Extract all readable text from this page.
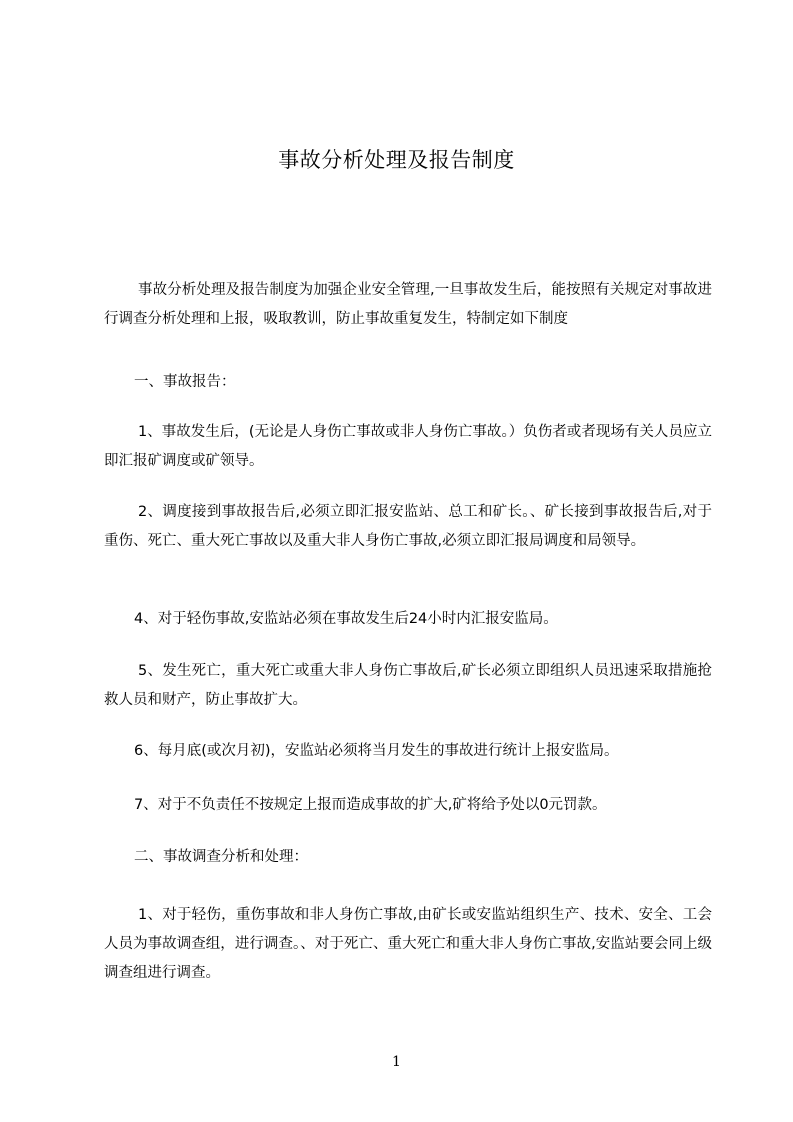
事故分析处理及报告制度

事故分析处理及报告制度为加强企业安全管理,一旦事故发生后，能按照有关规定对事故进行调查分析处理和上报，吸取教训，防止事故重复发生，特制定如下制度

一、事故报告：

1、事故发生后，(无论是人身伤亡事故或非人身伤亡事故。）负伤者或者现场有关人员应立即汇报矿调度或矿领导。

2、调度接到事故报告后,必须立即汇报安监站、总工和矿长。、矿长接到事故报告后,对于重伤、死亡、重大死亡事故以及重大非人身伤亡事故,必须立即汇报局调度和局领导。

4、对于轻伤事故,安监站必须在事故发生后24小时内汇报安监局。

5、发生死亡，重大死亡或重大非人身伤亡事故后,矿长必须立即组织人员迅速采取措施抢救人员和财产，防止事故扩大。

6、每月底(或次月初)，安监站必须将当月发生的事故进行统计上报安监局。

7、对于不负责任不按规定上报而造成事故的扩大,矿将给予处以0元罚款。

二、事故调查分析和处理：

1、对于轻伤，重伤事故和非人身伤亡事故,由矿长或安监站组织生产、技术、安全、工会人员为事故调查组，进行调查。、对于死亡、重大死亡和重大非人身伤亡事故,安监站要会同上级调查组进行调查。

1
